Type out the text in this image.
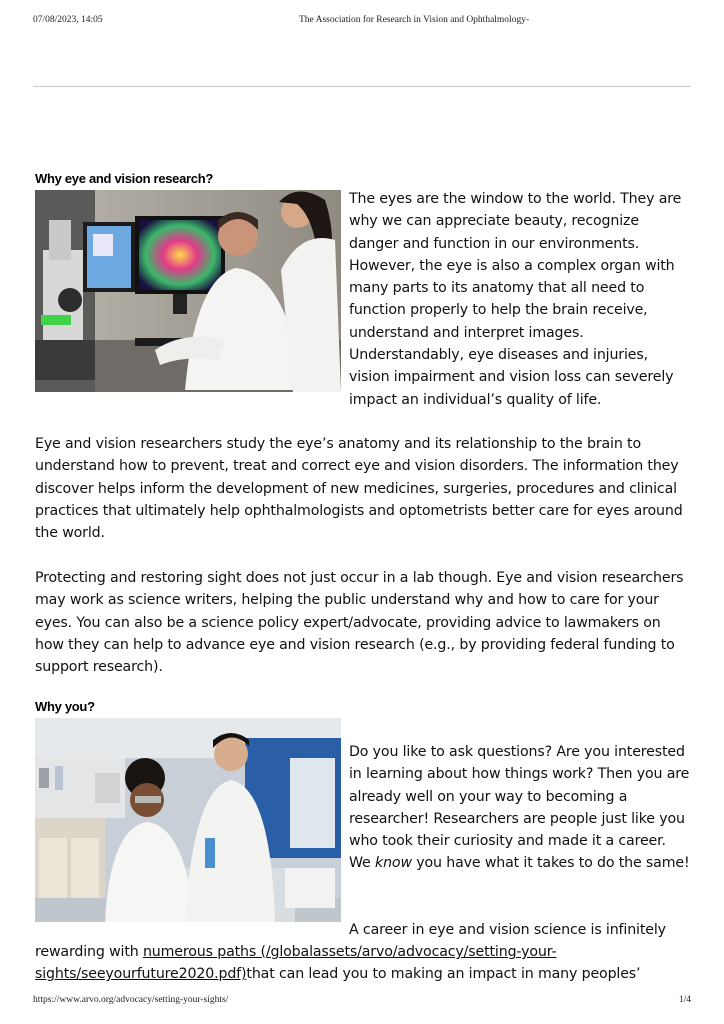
07/08/2023, 14:05	The Association for Research in Vision and Ophthalmology-
Why eye and vision research?
The eyes are the window to the world. They are why we can appreciate beauty, recognize danger and function in our environments. However, the eye is also a complex organ with many parts to its anatomy that all need to function properly to help the brain receive, understand and interpret images. Understandably, eye diseases and injuries, vision impairment and vision loss can severely impact an individual’s quality of life.

Eye and vision researchers study the eye’s anatomy and its relationship to the brain to understand how to prevent, treat and correct eye and vision disorders. The information they discover helps inform the development of new medicines, surgeries, procedures and clinical practices that ultimately help ophthalmologists and optometrists better care for eyes around the world.

Protecting and restoring sight does not just occur in a lab though. Eye and vision researchers may work as science writers, helping the public understand why and how to care for your eyes. You can also be a science policy expert/advocate, providing advice to lawmakers on how they can help to advance eye and vision research (e.g., by providing federal funding to support research).

Why you?
Do you like to ask questions? Are you interested in learning about how things work? Then you are already well on your way to becoming a researcher! Researchers are people just like you who took their curiosity and made it a career. We know you have what it takes to do the same!
A career in eye and vision science is infinitely
rewarding with numerous paths (/globalassets/arvo/advocacy/setting-your-sights/seeyourfuture2020.pdf)that can lead you to making an impact in many peoples’
https://www.arvo.org/advocacy/setting-your-sights/	1/4
